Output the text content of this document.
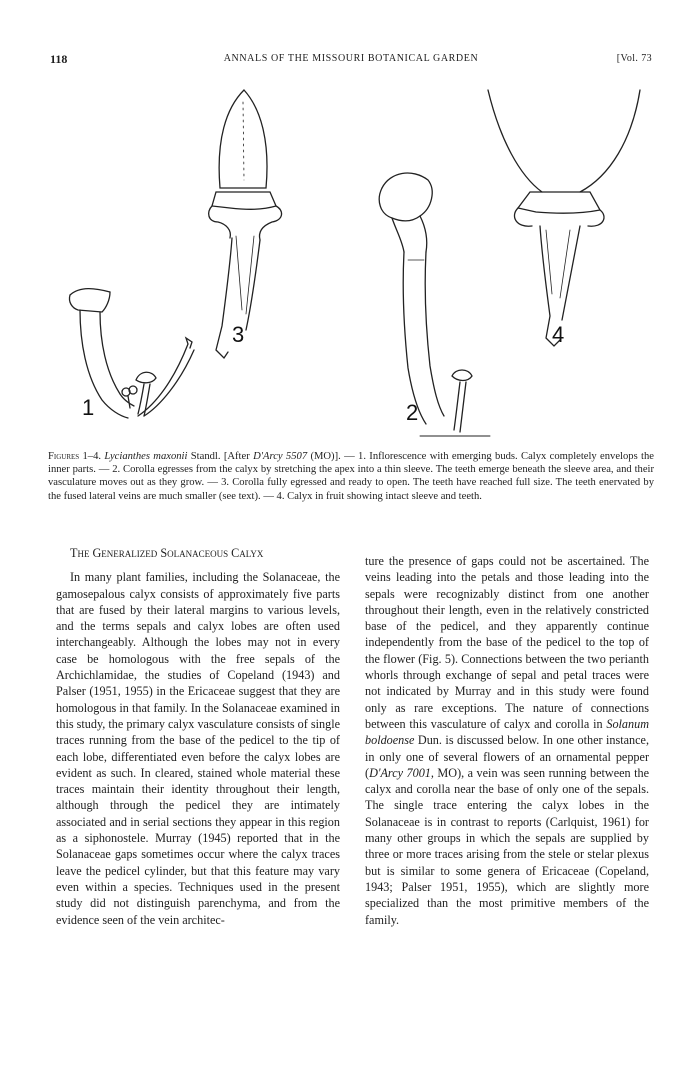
118	ANNALS OF THE MISSOURI BOTANICAL GARDEN	[Vol. 73
1
3
2
4
Figures 1–4. Lycianthes maxonii Standl. [After D'Arcy 5507 (MO)]. — 1. Inflorescence with emerging buds. Calyx completely envelops the inner parts. — 2. Corolla egresses from the calyx by stretching the apex into a thin sleeve. The teeth emerge beneath the sleeve area, and their vasculature moves out as they grow. — 3. Corolla fully egressed and ready to open. The teeth have reached full size. The teeth enervated by the fused lateral veins are much smaller (see text). — 4. Calyx in fruit showing intact sleeve and teeth.
The Generalized Solanaceous Calyx

In many plant families, including the Solanaceae, the gamosepalous calyx consists of approximately five parts that are fused by their lateral margins to various levels, and the terms sepals and calyx lobes are often used interchangeably. Although the lobes may not in every case be homologous with the free sepals of the Archichlamidae, the studies of Copeland (1943) and Palser (1951, 1955) in the Ericaceae suggest that they are homologous in that family. In the Solanaceae examined in this study, the primary calyx vasculature consists of single traces running from the base of the pedicel to the tip of each lobe, differentiated even before the calyx lobes are evident as such. In cleared, stained whole material these traces maintain their identity throughout their length, although through the pedicel they are intimately associated and in serial sections they appear in this region as a siphonostele. Murray (1945) reported that in the Solanaceae gaps sometimes occur where the calyx traces leave the pedicel cylinder, but that this feature may vary even within a species. Techniques used in the present study did not distinguish parenchyma, and from the evidence seen of the vein architec-

ture the presence of gaps could not be ascertained. The veins leading into the petals and those leading into the sepals were recognizably distinct from one another throughout their length, even in the relatively constricted base of the pedicel, and they apparently continue independently from the base of the pedicel to the top of the flower (Fig. 5). Connections between the two perianth whorls through exchange of sepal and petal traces were not indicated by Murray and in this study were found only as rare exceptions. The nature of connections between this vasculature of calyx and corolla in Solanum boldoense Dun. is discussed below. In one other instance, in only one of several flowers of an ornamental pepper (D'Arcy 7001, MO), a vein was seen running between the calyx and corolla near the base of only one of the sepals. The single trace entering the calyx lobes in the Solanaceae is in contrast to reports (Carlquist, 1961) for many other groups in which the sepals are supplied by three or more traces arising from the stele or stelar plexus but is similar to some genera of Ericaceae (Copeland, 1943; Palser 1951, 1955), which are slightly more specialized than the most primitive members of the family.
